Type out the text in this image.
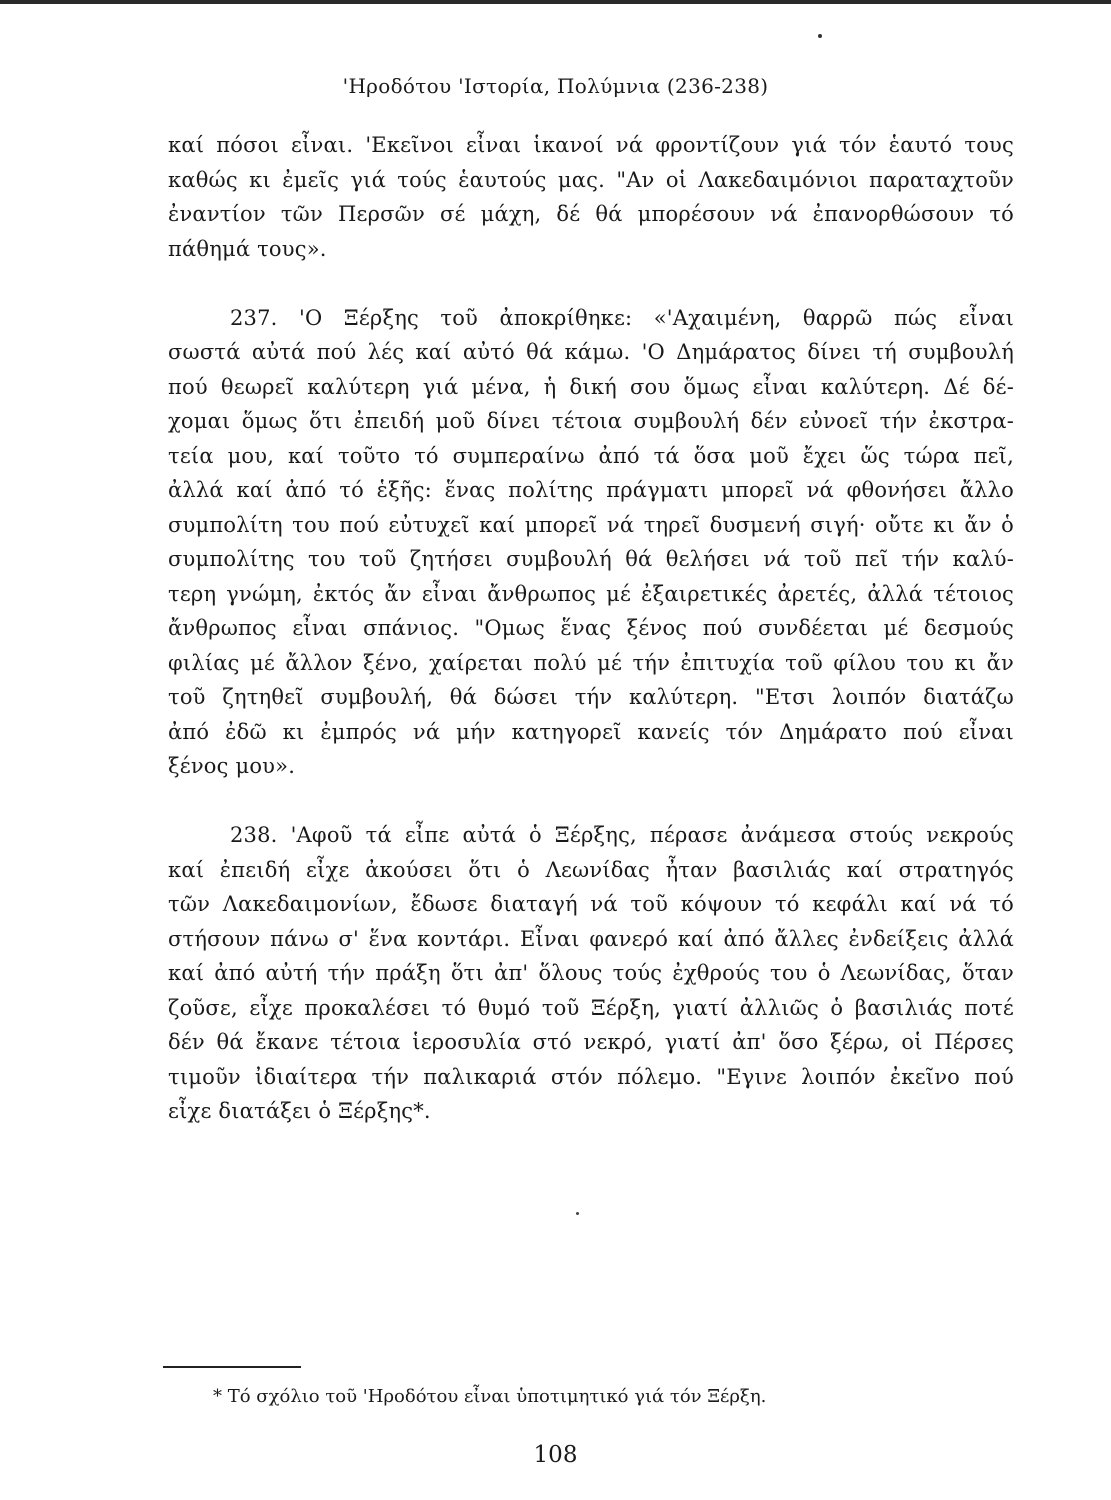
'Ηροδότου 'Ιστορία, Πολύμνια (236-238)
καί πόσοι εἶναι. 'Εκεῖνοι εἶναι ἱκανοί νά φροντίζουν γιά τόν ἑαυτό τους
καθώς κι ἐμεῖς γιά τούς ἑαυτούς μας. "Αν οἱ Λακεδαιμόνιοι παραταχτοῦν
ἐναντίον τῶν Περσῶν σέ μάχη, δέ θά μπορέσουν νά ἐπανορθώσουν τό
πάθημά τους».
237. 'Ο Ξέρξης τοῦ ἀποκρίθηκε: «'Αχαιμένη, θαρρῶ πώς εἶναι
σωστά αὐτά πού λές καί αὐτό θά κάμω. 'Ο Δημάρατος δίνει τή συμβουλή
πού θεωρεῖ καλύτερη γιά μένα, ἡ δική σου ὅμως εἶναι καλύτερη. Δέ δέ-
χομαι ὅμως ὅτι ἐπειδή μοῦ δίνει τέτοια συμβουλή δέν εὐνοεῖ τήν ἐκστρα-
τεία μου, καί τοῦτο τό συμπεραίνω ἀπό τά ὅσα μοῦ ἔχει ὥς τώρα πεῖ,
ἀλλά καί ἀπό τό ἑξῆς: ἕνας πολίτης πράγματι μπορεῖ νά φθονήσει ἄλλο
συμπολίτη του πού εὐτυχεῖ καί μπορεῖ νά τηρεῖ δυσμενή σιγή· οὔτε κι ἄν ὁ
συμπολίτης του τοῦ ζητήσει συμβουλή θά θελήσει νά τοῦ πεῖ τήν καλύ-
τερη γνώμη, ἐκτός ἄν εἶναι ἄνθρωπος μέ ἐξαιρετικές ἀρετές, ἀλλά τέτοιος
ἄνθρωπος εἶναι σπάνιος. "Ομως ἕνας ξένος πού συνδέεται μέ δεσμούς
φιλίας μέ ἄλλον ξένο, χαίρεται πολύ μέ τήν ἐπιτυχία τοῦ φίλου του κι ἄν
τοῦ ζητηθεῖ συμβουλή, θά δώσει τήν καλύτερη. "Ετσι λοιπόν διατάζω
ἀπό ἐδῶ κι ἐμπρός νά μήν κατηγορεῖ κανείς τόν Δημάρατο πού εἶναι
ξένος μου».
238. 'Αφοῦ τά εἶπε αὐτά ὁ Ξέρξης, πέρασε ἀνάμεσα στούς νεκρούς
καί ἐπειδή εἶχε ἀκούσει ὅτι ὁ Λεωνίδας ἦταν βασιλιάς καί στρατηγός
τῶν Λακεδαιμονίων, ἔδωσε διαταγή νά τοῦ κόψουν τό κεφάλι καί νά τό
στήσουν πάνω σ' ἕνα κοντάρι. Εἶναι φανερό καί ἀπό ἄλλες ἐνδείξεις ἀλλά
καί ἀπό αὐτή τήν πράξη ὅτι ἀπ' ὅλους τούς ἐχθρούς του ὁ Λεωνίδας, ὅταν
ζοῦσε, εἶχε προκαλέσει τό θυμό τοῦ Ξέρξη, γιατί ἀλλιῶς ὁ βασιλιάς ποτέ
δέν θά ἔκανε τέτοια ἱεροσυλία στό νεκρό, γιατί ἀπ' ὅσο ξέρω, οἱ Πέρσες
τιμοῦν ἰδιαίτερα τήν παλικαριά στόν πόλεμο. "Εγινε λοιπόν ἐκεῖνο πού
εἶχε διατάξει ὁ Ξέρξης*.
* Τό σχόλιο τοῦ 'Ηροδότου εἶναι ὑποτιμητικό γιά τόν Ξέρξη.
108
